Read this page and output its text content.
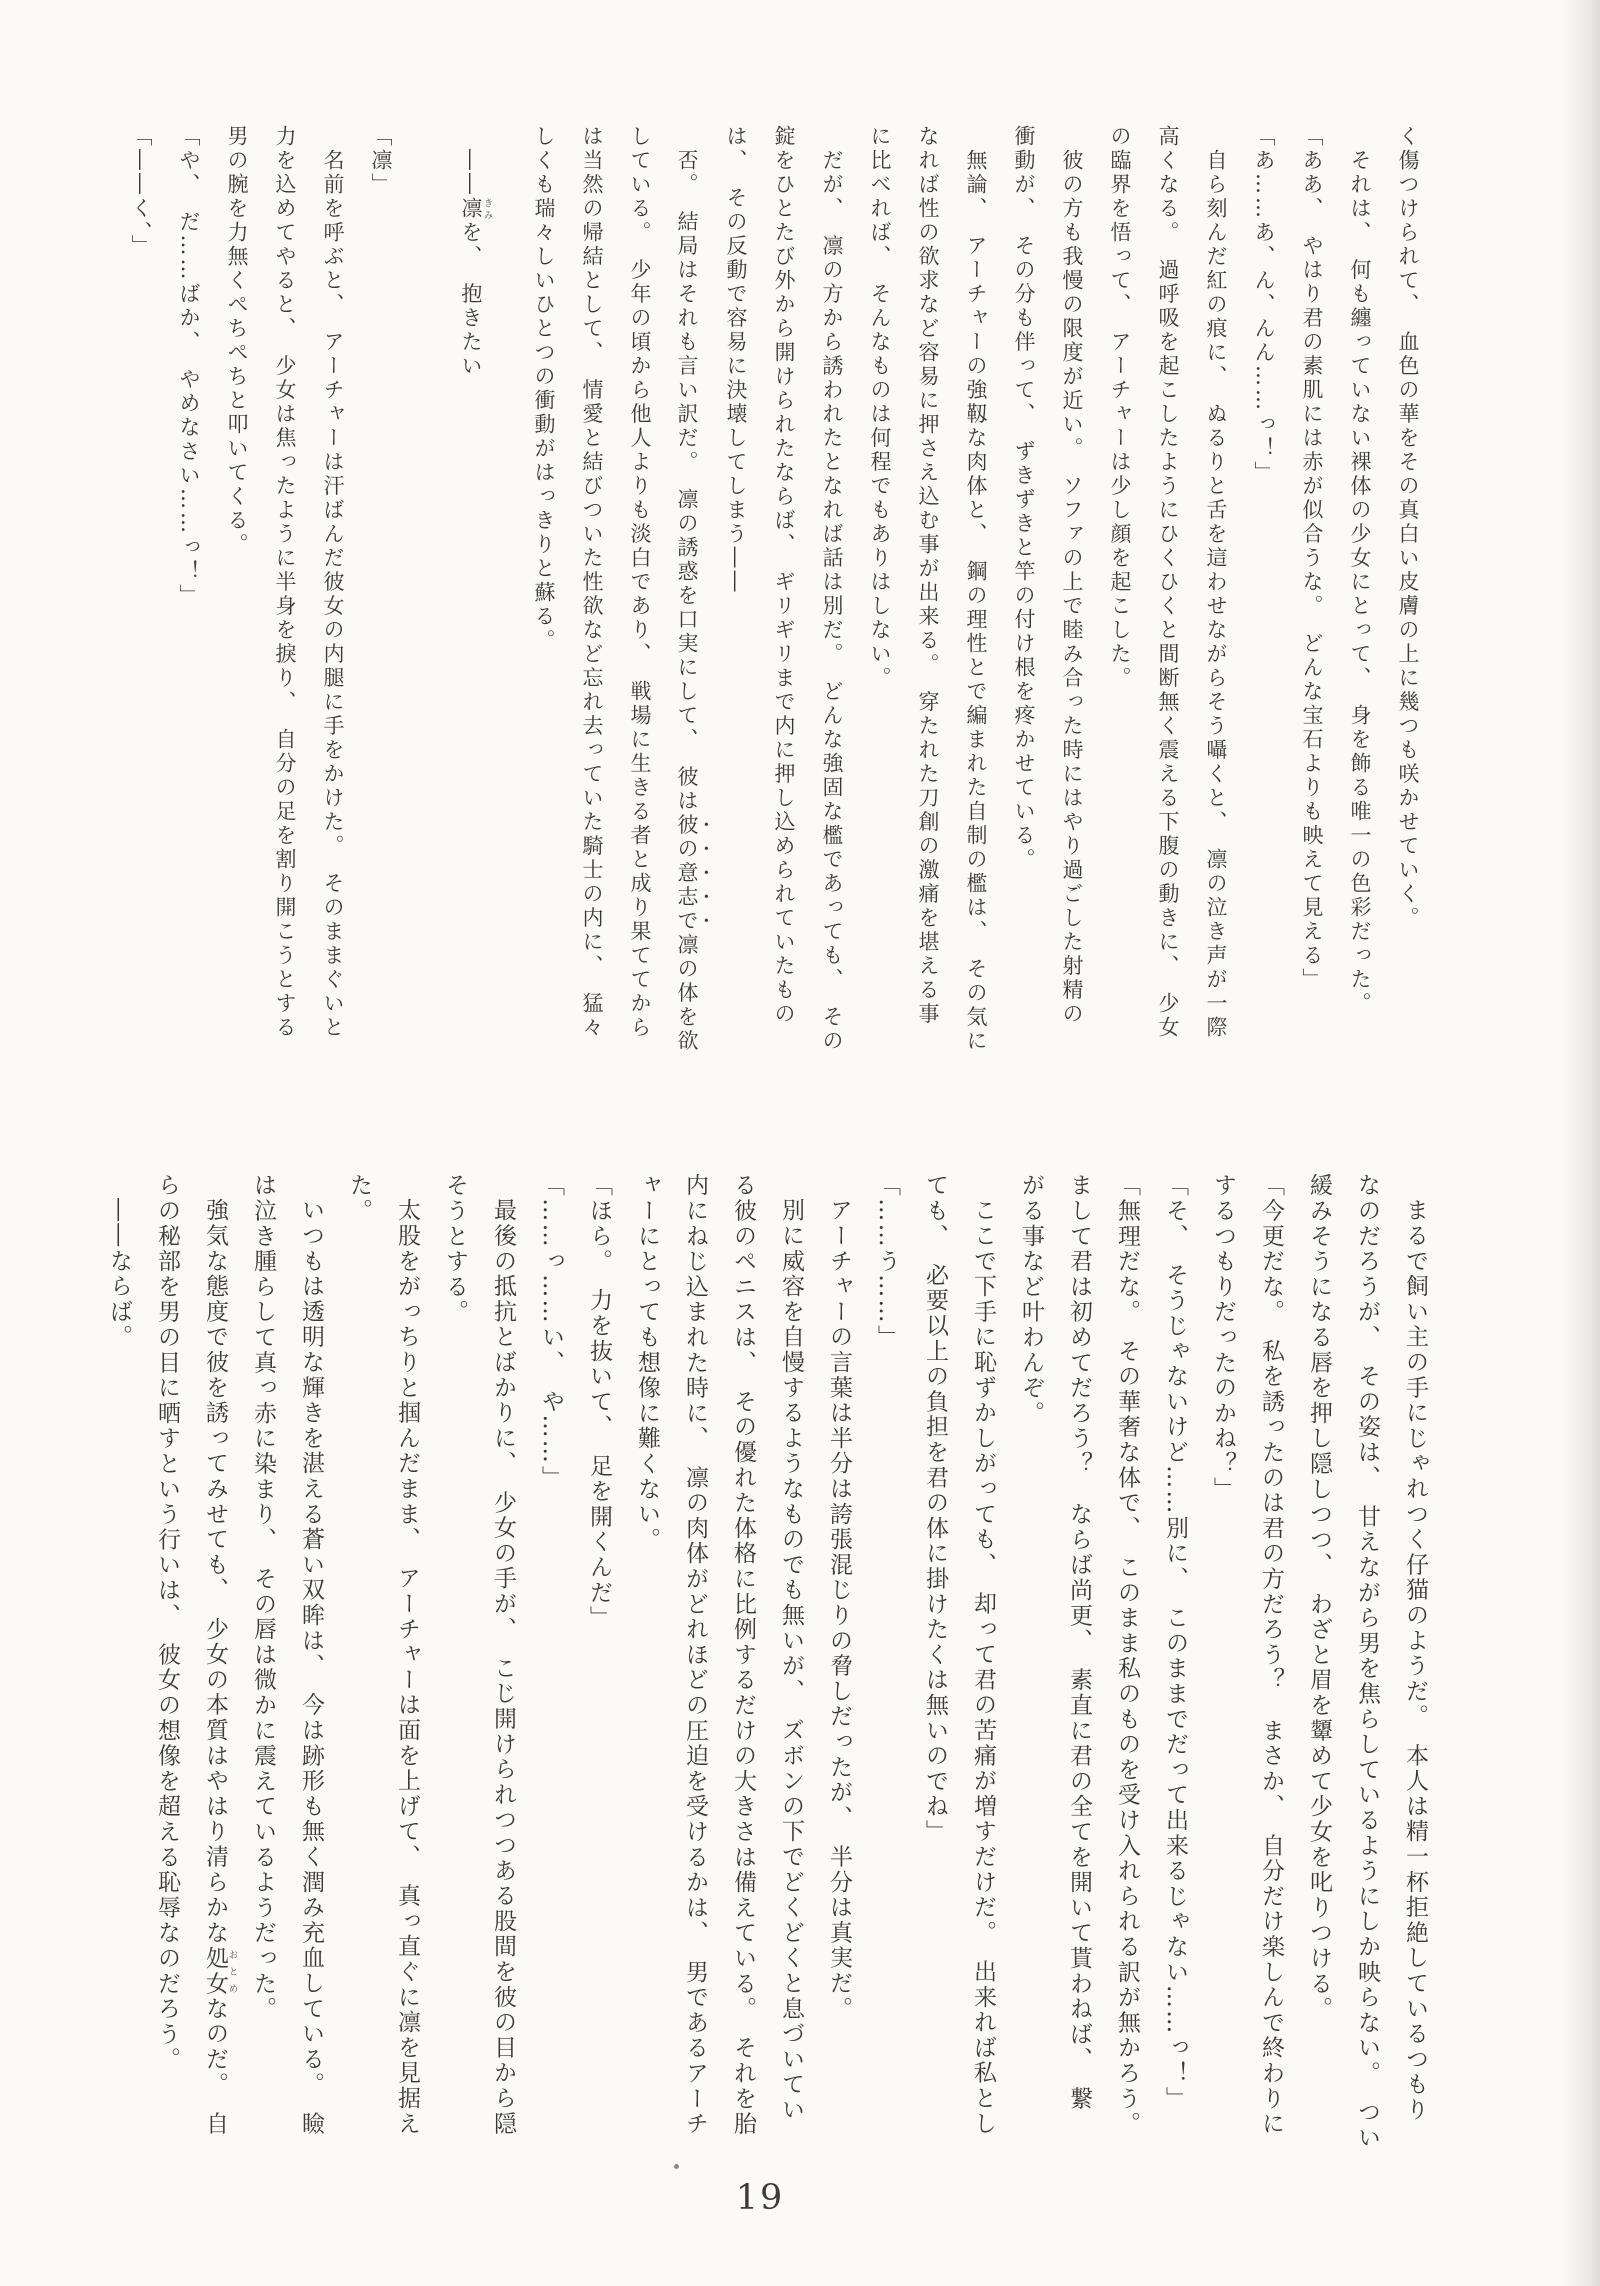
く傷つけられて、　血色の華をその真白い皮膚の上に幾つも咲かせていく。
それは、　何も纏っていない裸体の少女にとって、　身を飾る唯一の色彩だった。
「ああ、　やはり君の素肌には赤が似合うな。　どんな宝石よりも映えて見える」
「あ……あ、ん、んん……っ！」
自ら刻んだ紅の痕に、　ぬるりと舌を這わせながらそう囁くと、　凛の泣き声が一際
高くなる。　過呼吸を起こしたようにひくひくと間断無く震える下腹の動きに、　少女
の臨界を悟って、　アーチャーは少し顔を起こした。
彼の方も我慢の限度が近い。　ソファの上で睦み合った時にはやり過ごした射精の
衝動が、　その分も伴って、　ずきずきと竿の付け根を疼かせている。
無論、　アーチャーの強靱な肉体と、　鋼の理性とで編まれた自制の檻は、　その気に
なれば性の欲求など容易に押さえ込む事が出来る。　穿たれた刀創の激痛を堪える事
に比べれば、　そんなものは何程でもありはしない。
だが、　凛の方から誘われたとなれば話は別だ。　どんな強固な檻であっても、　その
錠をひとたび外から開けられたならば、　ギリギリまで内に押し込められていたもの
は、　その反動で容易に決壊してしまう――
否。　結局はそれも言い訳だ。　凛の誘惑を口実にして、　彼は彼の意志で凛の体を欲
している。　少年の頃から他人よりも淡白であり、　戦場に生きる者と成り果ててから
は当然の帰結として、　情愛と結びついた性欲など忘れ去っていた騎士の内に、　猛々
しくも瑞々しいひとつの衝動がはっきりと蘇る。
――凛きみを、　抱きたい
「凛」
名前を呼ぶと、　アーチャーは汗ばんだ彼女の内腿に手をかけた。　そのままぐいと
力を込めてやると、　少女は焦ったように半身を捩り、　自分の足を割り開こうとする
男の腕を力無くぺちぺちと叩いてくる。
「や、　だ……ばか、　やめなさい……っ！」
「――く、」
まるで飼い主の手にじゃれつく仔猫のようだ。　本人は精一杯拒絶しているつもり
なのだろうが、　その姿は、　甘えながら男を焦らしているようにしか映らない。　つい
緩みそうになる唇を押し隠しつつ、　わざと眉を顰めて少女を叱りつける。
「今更だな。　私を誘ったのは君の方だろう？　まさか、　自分だけ楽しんで終わりに
するつもりだったのかね？」
「そ、　そうじゃないけど……別に、　このままでだって出来るじゃない……っ！」
「無理だな。　その華奢な体で、　このまま私のものを受け入れられる訳が無かろう。
まして君は初めてだろう？　ならば尚更、　素直に君の全てを開いて貰わねば、　繋
がる事など叶わんぞ。
ここで下手に恥ずかしがっても、　却って君の苦痛が増すだけだ。　出来れば私とし
ても、　必要以上の負担を君の体に掛けたくは無いのでね」
「……う……」
アーチャーの言葉は半分は誇張混じりの脅しだったが、　半分は真実だ。
別に威容を自慢するようなものでも無いが、　ズボンの下でどくどくと息づいてい
る彼のペニスは、　その優れた体格に比例するだけの大きさは備えている。　それを胎
内にねじ込まれた時に、　凛の肉体がどれほどの圧迫を受けるかは、　男であるアーチ
ャーにとっても想像に難くない。
「ほら。　力を抜いて、　足を開くんだ」
「……っ……い、　や……」
最後の抵抗とばかりに、　少女の手が、　こじ開けられつつある股間を彼の目から隠
そうとする。
太股をがっちりと掴んだまま、　アーチャーは面を上げて、　真っ直ぐに凛を見据え
た。
いつもは透明な輝きを湛える蒼い双眸は、　今は跡形も無く潤み充血している。　瞼
は泣き腫らして真っ赤に染まり、　その唇は微かに震えているようだった。
強気な態度で彼を誘ってみせても、　少女の本質はやはり清らかな処女おとめなのだ。　自
らの秘部を男の目に晒すという行いは、　彼女の想像を超える恥辱なのだろう。
――ならば。
19
